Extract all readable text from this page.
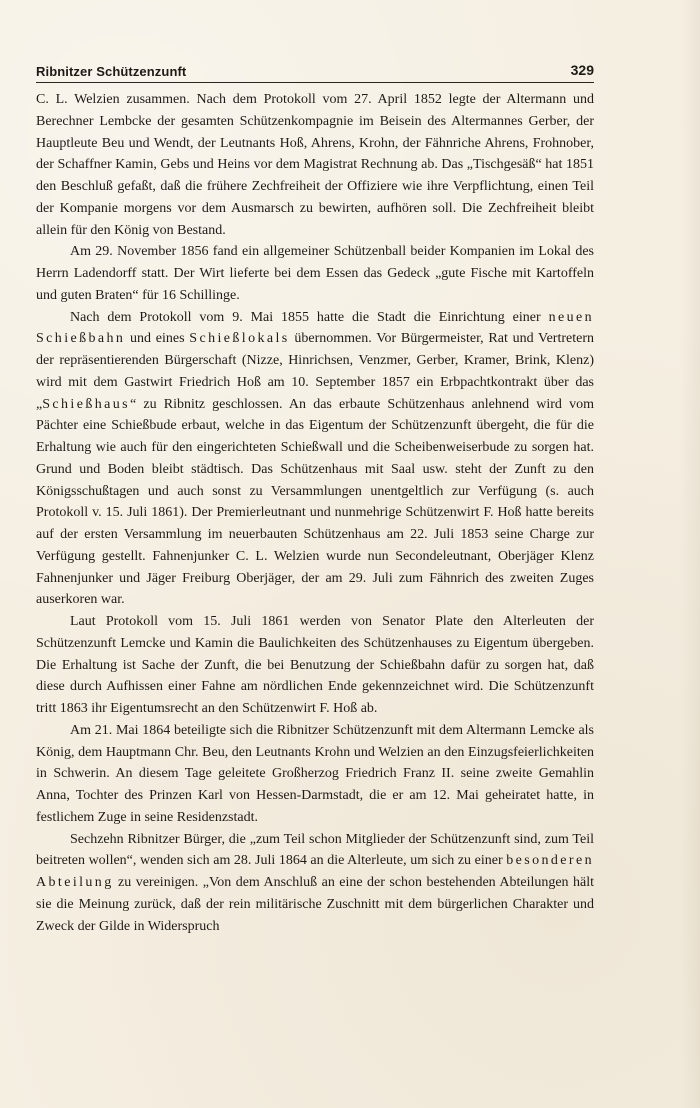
Ribnitzer Schützenzunft	329

C. L. Welzien zusammen. Nach dem Protokoll vom 27. April 1852 legte der Altermann und Berechner Lembcke der gesamten Schützenkompagnie im Beisein des Altermannes Gerber, der Hauptleute Beu und Wendt, der Leutnants Hoß, Ahrens, Krohn, der Fähnriche Ahrens, Frohnober, der Schaffner Kamin, Gebs und Heins vor dem Magistrat Rechnung ab. Das „Tischgesäß“ hat 1851 den Beschluß gefaßt, daß die frühere Zechfreiheit der Offiziere wie ihre Verpflichtung, einen Teil der Kompanie morgens vor dem Ausmarsch zu bewirten, aufhören soll. Die Zechfreiheit bleibt allein für den König von Bestand.

Am 29. November 1856 fand ein allgemeiner Schützenball beider Kompanien im Lokal des Herrn Ladendorff statt. Der Wirt lieferte bei dem Essen das Gedeck „gute Fische mit Kartoffeln und guten Braten“ für 16 Schillinge.

Nach dem Protokoll vom 9. Mai 1855 hatte die Stadt die Einrichtung einer neuen Schießbahn und eines Schießlokals übernommen. Vor Bürgermeister, Rat und Vertretern der repräsentierenden Bürgerschaft (Nizze, Hinrichsen, Venzmer, Gerber, Kramer, Brink, Klenz) wird mit dem Gastwirt Friedrich Hoß am 10. September 1857 ein Erbpachtkontrakt über das „Schießhaus“ zu Ribnitz geschlossen. An das erbaute Schützenhaus anlehnend wird vom Pächter eine Schießbude erbaut, welche in das Eigentum der Schützenzunft übergeht, die für die Erhaltung wie auch für den eingerichteten Schießwall und die Scheibenweiserbude zu sorgen hat. Grund und Boden bleibt städtisch. Das Schützenhaus mit Saal usw. steht der Zunft zu den Königsschußtagen und auch sonst zu Versammlungen unentgeltlich zur Verfügung (s. auch Protokoll v. 15. Juli 1861). Der Premierleutnant und nunmehrige Schützenwirt F. Hoß hatte bereits auf der ersten Versammlung im neuerbauten Schützenhaus am 22. Juli 1853 seine Charge zur Verfügung gestellt. Fahnenjunker C. L. Welzien wurde nun Secondeleutnant, Oberjäger Klenz Fahnenjunker und Jäger Freiburg Oberjäger, der am 29. Juli zum Fähnrich des zweiten Zuges auserkoren war.

Laut Protokoll vom 15. Juli 1861 werden von Senator Plate den Alterleuten der Schützenzunft Lemcke und Kamin die Baulichkeiten des Schützenhauses zu Eigentum übergeben. Die Erhaltung ist Sache der Zunft, die bei Benutzung der Schießbahn dafür zu sorgen hat, daß diese durch Aufhissen einer Fahne am nördlichen Ende gekennzeichnet wird. Die Schützenzunft tritt 1863 ihr Eigentumsrecht an den Schützenwirt F. Hoß ab.

Am 21. Mai 1864 beteiligte sich die Ribnitzer Schützenzunft mit dem Altermann Lemcke als König, dem Hauptmann Chr. Beu, den Leutnants Krohn und Welzien an den Einzugsfeierlichkeiten in Schwerin. An diesem Tage geleitete Großherzog Friedrich Franz II. seine zweite Gemahlin Anna, Tochter des Prinzen Karl von Hessen-Darmstadt, die er am 12. Mai geheiratet hatte, in festlichem Zuge in seine Residenzstadt.

Sechzehn Ribnitzer Bürger, die „zum Teil schon Mitglieder der Schützenzunft sind, zum Teil beitreten wollen“, wenden sich am 28. Juli 1864 an die Alterleute, um sich zu einer besonderen Abteilung zu vereinigen. „Von dem Anschluß an eine der schon bestehenden Abteilungen hält sie die Meinung zurück, daß der rein militärische Zuschnitt mit dem bürgerlichen Charakter und Zweck der Gilde in Widerspruch
